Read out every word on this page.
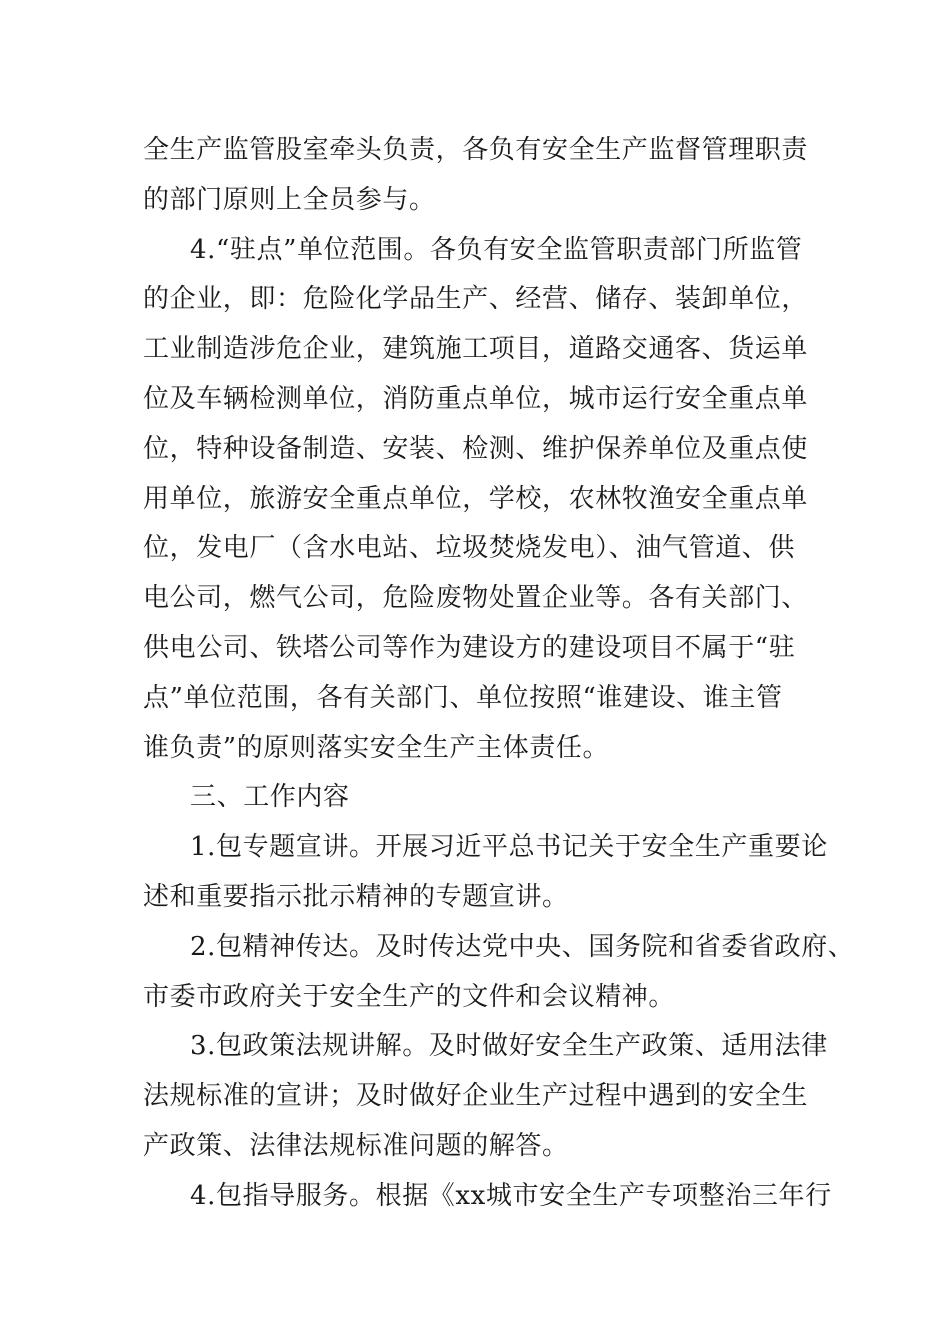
全生产监管股室牵头负责，各负有安全生产监督管理职责
的部门原则上全员参与。
4.“驻点”单位范围。各负有安全监管职责部门所监管
的企业，即：危险化学品生产、经营、储存、装卸单位，
工业制造涉危企业，建筑施工项目，道路交通客、货运单
位及车辆检测单位，消防重点单位，城市运行安全重点单
位，特种设备制造、安装、检测、维护保养单位及重点使
用单位，旅游安全重点单位，学校，农林牧渔安全重点单
位，发电厂（含水电站、垃圾焚烧发电）、油气管道、供
电公司，燃气公司，危险废物处置企业等。各有关部门、
供电公司、铁塔公司等作为建设方的建设项目不属于“驻
点”单位范围，各有关部门、单位按照“谁建设、谁主管
谁负责”的原则落实安全生产主体责任。
三、工作内容
1.包专题宣讲。开展习近平总书记关于安全生产重要论
述和重要指示批示精神的专题宣讲。
2.包精神传达。及时传达党中央、国务院和省委省政府、
市委市政府关于安全生产的文件和会议精神。
3.包政策法规讲解。及时做好安全生产政策、适用法律
法规标准的宣讲；及时做好企业生产过程中遇到的安全生
产政策、法律法规标准问题的解答。
4.包指导服务。根据《xx城市安全生产专项整治三年行
